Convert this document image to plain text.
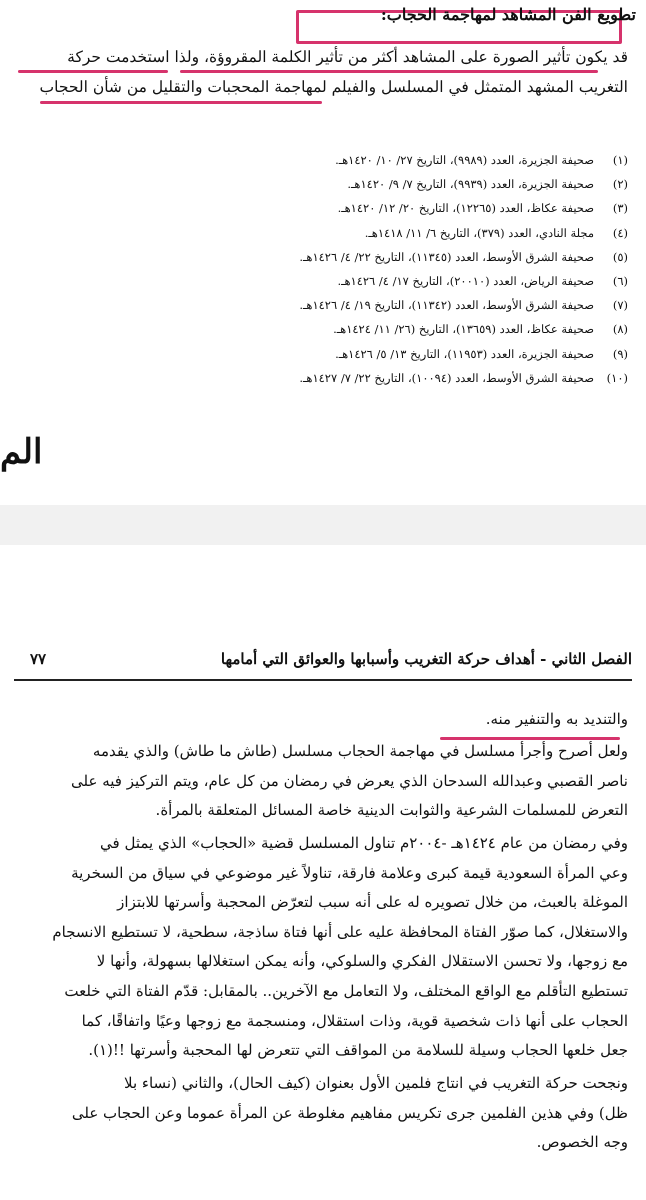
تطويع الفن المشاهد لمهاجمة الحجاب:
قد يكون تأثير الصورة على المشاهد أكثر من تأثير الكلمة المقروؤة، ولذا استخدمت حركة
التغريب المشهد المتمثل في المسلسل والفيلم لمهاجمة المحجبات والتقليل من شأن الحجاب
(١)
صحيفة الجزيرة، العدد (٩٩٨٩)، التاريخ ٢٧/ ١٠/ ١٤٢٠هـ.
(٢)
صحيفة الجزيرة، العدد (٩٩٣٩)، التاريخ ٧/ ٩/ ١٤٢٠هـ.
(٣)
صحيفة عكاظ، العدد (١٢٢٦٥)، التاريخ ٢٠/ ١٢/ ١٤٢٠هـ.
(٤)
مجلة النادي، العدد (٣٧٩)، التاريخ ٦/ ١١/ ١٤١٨هـ.
(٥)
صحيفة الشرق الأوسط، العدد (١١٣٤٥)، التاريخ ٢٢/ ٤/ ١٤٢٦هـ.
(٦)
صحيفة الرياض، العدد (٢٠٠١٠)، التاريخ ١٧/ ٤/ ١٤٢٦هـ.
(٧)
صحيفة الشرق الأوسط، العدد (١١٣٤٢)، التاريخ ١٩/ ٤/ ١٤٢٦هـ.
(٨)
صحيفة عكاظ، العدد (١٣٦٥٩)، التاريخ (٢٦/ ١١/ ١٤٢٤هـ.
(٩)
صحيفة الجزيرة، العدد (١١٩٥٣)، التاريخ ١٣/ ٥/ ١٤٢٦هـ.
(١٠)
صحيفة الشرق الأوسط، العدد (١٠٠٩٤)، التاريخ ٢٢/ ٧/ ١٤٢٧هـ.
الم
الفصل الثاني - أهداف حركة التغريب وأسبابها والعوائق التي أمامها
٧٧
والتنديد به والتنفير منه.
ولعل أصرح وأجرأ مسلسل في مهاجمة الحجاب مسلسل (طاش ما طاش) والذي يقدمه
ناصر القصبي وعبدالله السدحان الذي يعرض في رمضان من كل عام، ويتم التركيز فيه على
التعرض للمسلمات الشرعية والثوابت الدينية خاصة المسائل المتعلقة بالمرأة.
وفي رمضان من عام ١٤٢٤هـ -٢٠٠٤م تناول المسلسل قضية «الحجاب» الذي يمثل في
وعي المرأة السعودية قيمة كبرى وعلامة فارقة، تناولاً غير موضوعي في سياق من السخرية
الموغلة بالعبث، من خلال تصويره له على أنه سبب لتعرّض المحجبة وأسرتها للابتزاز
والاستغلال، كما صوّر الفتاة المحافظة عليه على أنها فتاة ساذجة، سطحية، لا تستطيع الانسجام
مع زوجها، ولا تحسن الاستقلال الفكري والسلوكي، وأنه يمكن استغلالها بسهولة، وأنها لا
تستطيع التأقلم مع الواقع المختلف، ولا التعامل مع الآخرين.. بالمقابل: قدّم الفتاة التي خلعت
الحجاب على أنها ذات شخصية قوية، وذات استقلال، ومنسجمة مع زوجها وعيًا واتفاقًا، كما
جعل خلعها الحجاب وسيلة للسلامة من المواقف التي تتعرض لها المحجبة وأسرتها !!(١).
ونجحت حركة التغريب في انتاج فلمين الأول بعنوان (كيف الحال)، والثاني (نساء بلا
ظل) وفي هذين الفلمين جرى تكريس مفاهيم مغلوطة عن المرأة عموما وعن الحجاب على
وجه الخصوص.
